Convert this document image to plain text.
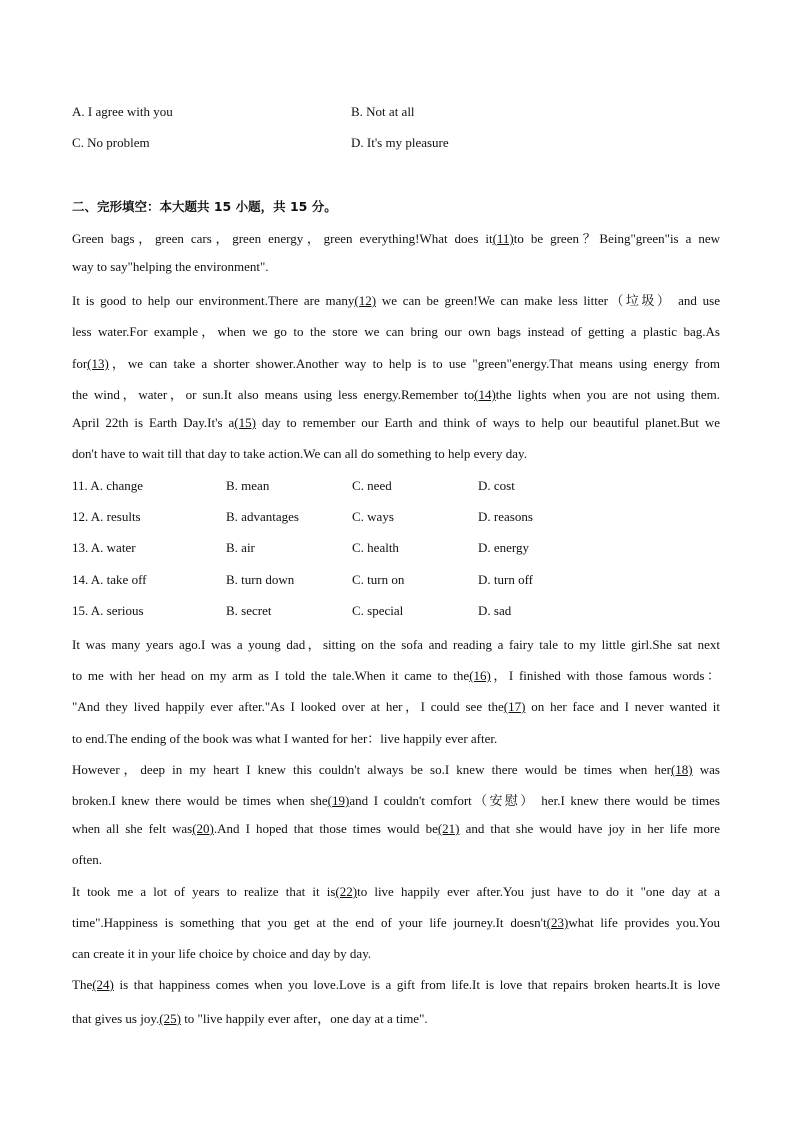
A. I agree with you	B. Not at all
C. No problem	D. It's my pleasure
二、完形填空：本大题共 15 小题，共 15 分。
Green bags，green cars，green energy，green everything!What does it(11)to be green？Being"green"is a new
way to say"helping the environment".
It is good to help our environment.There are many(12) we can be green!We can make less litter（垃圾） and use
less water.For example，when we go to the store we can bring our own bags instead of getting a plastic bag.As
for(13)，we can take a shorter shower.Another way to help is to use "green"energy.That means using energy from
the wind，water，or sun.It also means using less energy.Remember to(14)the lights when you are not using them.
April 22th is Earth Day.It's a(15) day to remember our Earth and think of ways to help our beautiful planet.But we
don't have to wait till that day to take action.We can all do something to help every day.
11. A. change	B. mean	C. need	D. cost
12. A. results	B. advantages	C. ways	D. reasons
13. A. water	B. air	C. health	D. energy
14. A. take off	B. turn down	C. turn on	D. turn off
15. A. serious	B. secret	C. special	D. sad
It was many years ago.I was a young dad，sitting on the sofa and reading a fairy tale to my little girl.She sat next
to me with her head on my arm as I told the tale.When it came to the(16)，I finished with those famous words：
"And they lived happily ever after."As I looked over at her，I could see the(17) on her face and I never wanted it
to end.The ending of the book was what I wanted for her：live happily ever after.
However，deep in my heart I knew this couldn't always be so.I knew there would be times when her(18) was
broken.I knew there would be times when she(19)and I couldn't comfort（安慰） her.I knew there would be times
when all she felt was(20).And I hoped that those times would be(21) and that she would have joy in her life more
often.
It took me a lot of years to realize that it is(22)to live happily ever after.You just have to do it "one day at a
time".Happiness is something that you get at the end of your life journey.It doesn't(23)what life provides you.You
can create it in your life choice by choice and day by day.
The(24) is that happiness comes when you love.Love is a gift from life.It is love that repairs broken hearts.It is love
that gives us joy.(25) to "live happily ever after，one day at a time".
